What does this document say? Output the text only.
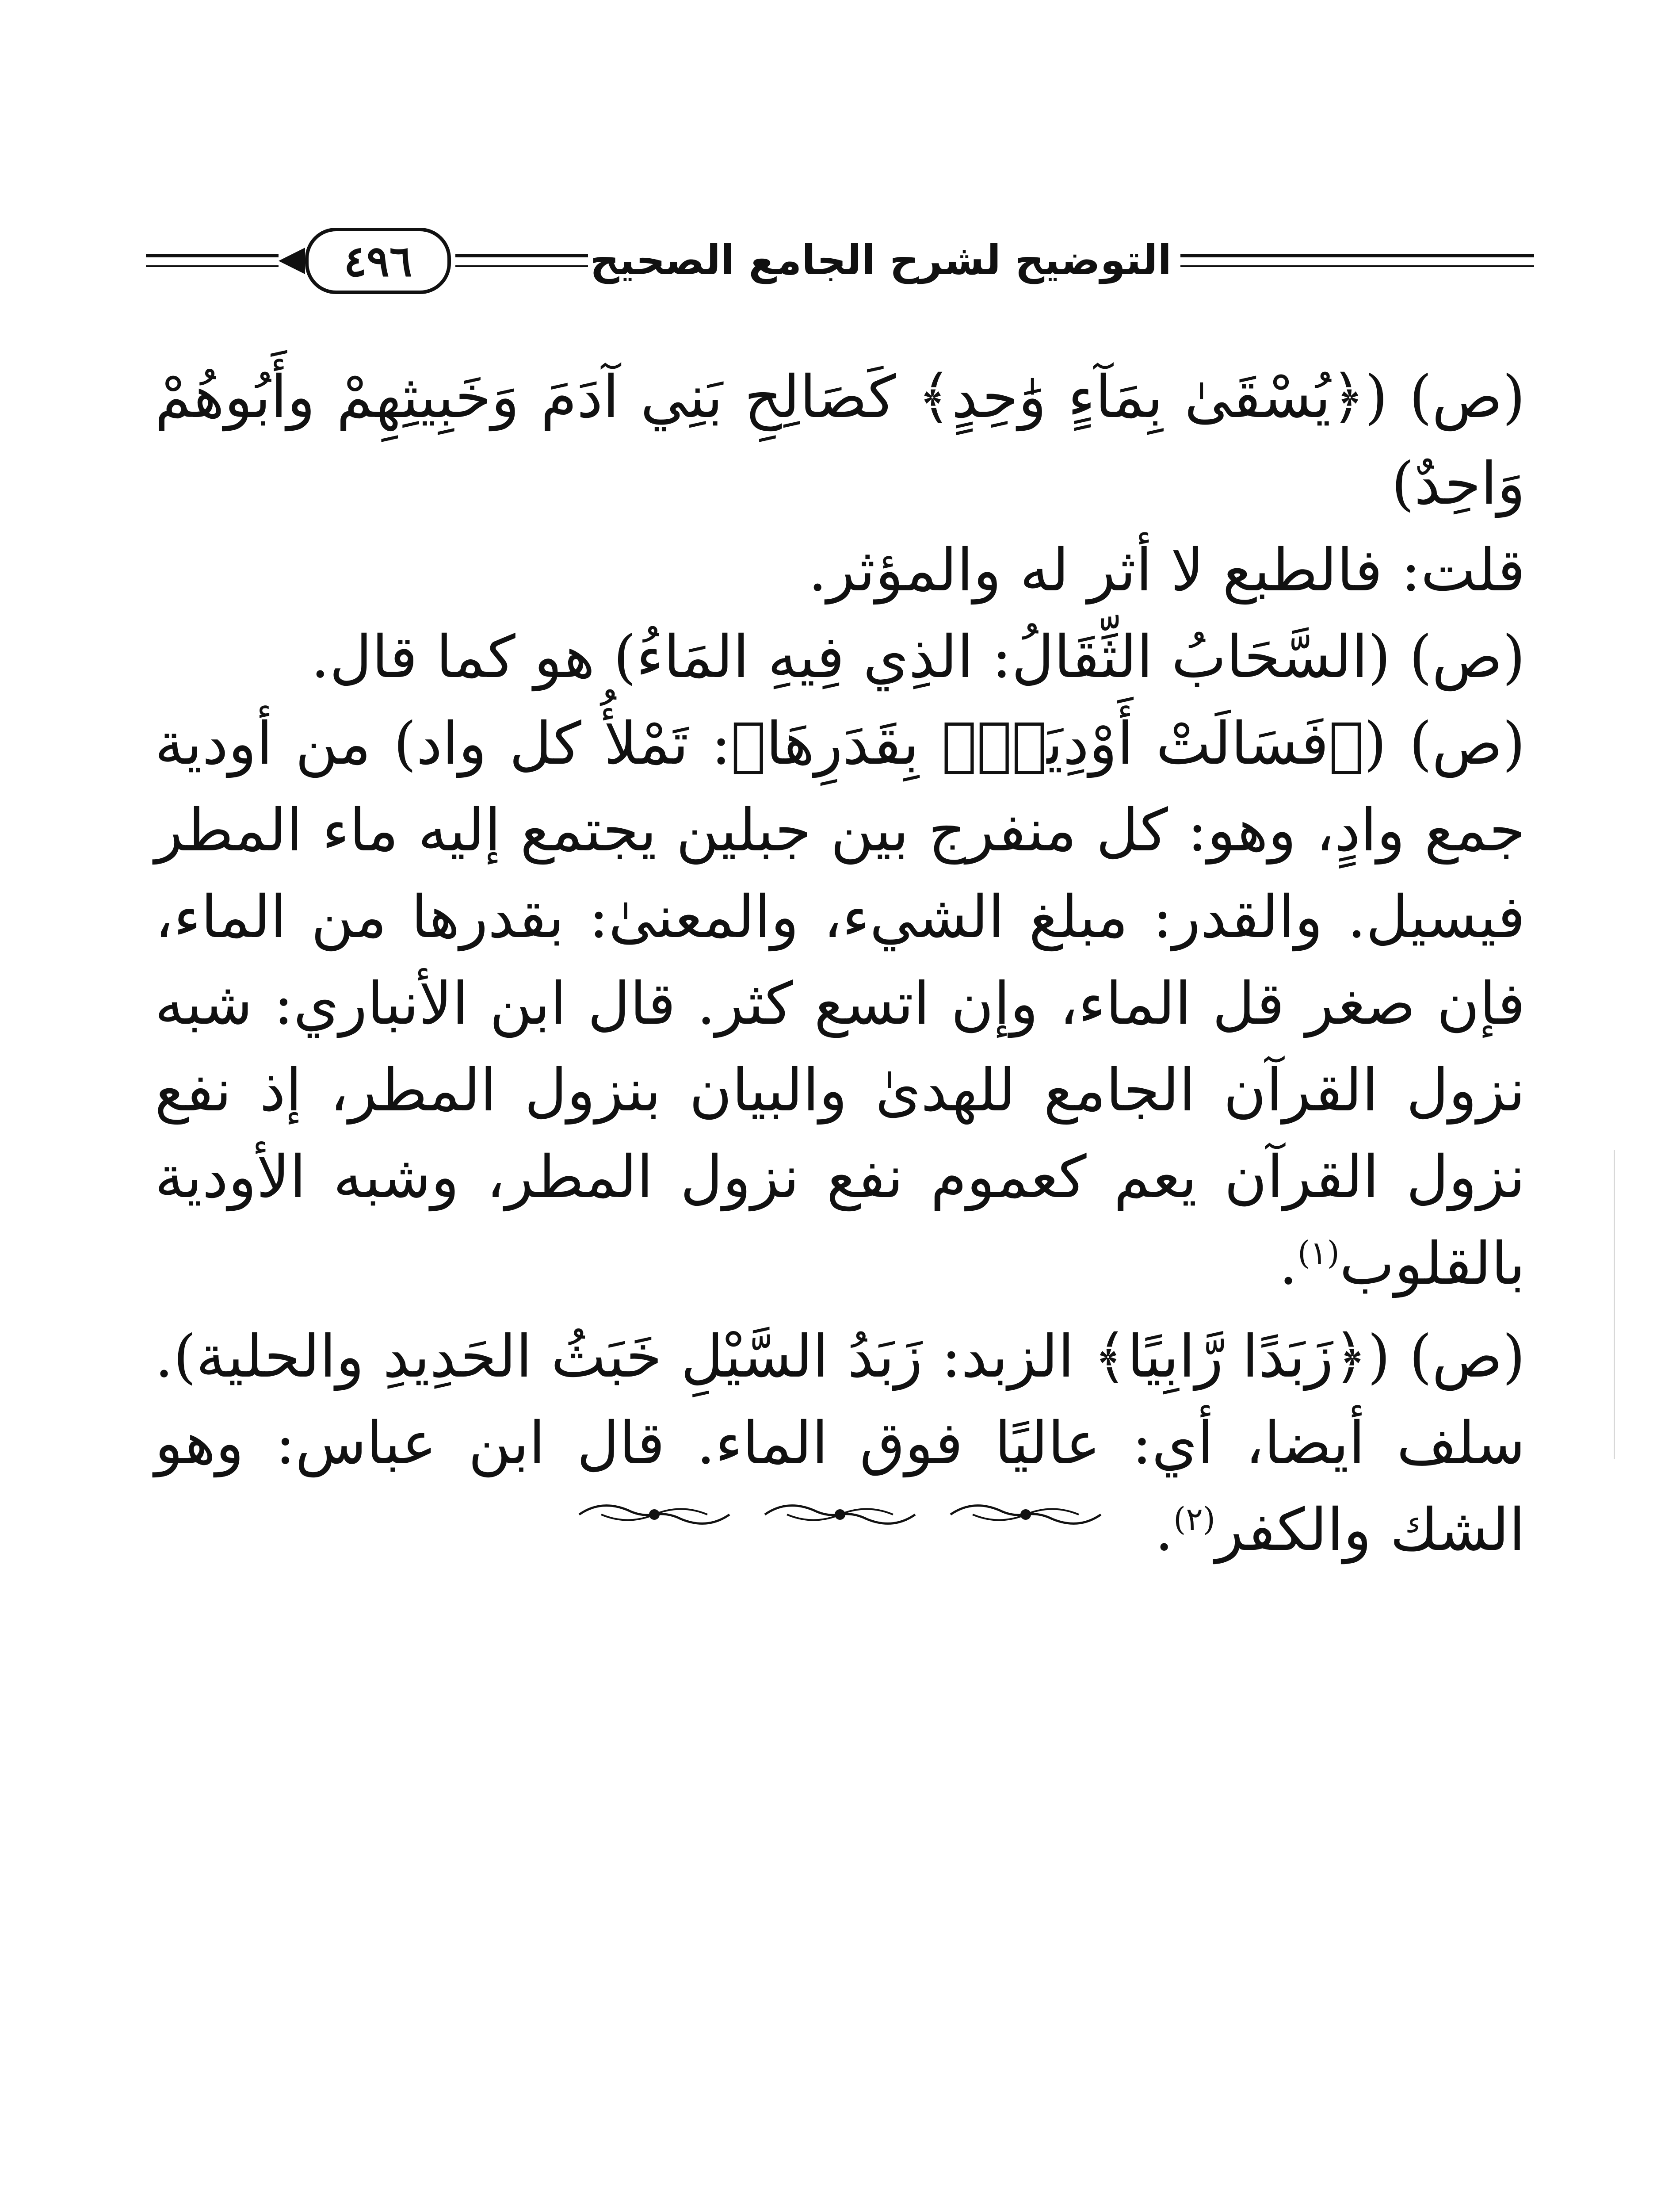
٤٩٦	التوضيح لشرح الجامع الصحيح

(ص) (﴿يُسْقَىٰ بِمَآءٍ وَٰحِدٍ﴾ كَصَالِحِ بَنِي آدَمَ وَخَبِيثِهِمْ وأَبُوهُمْ وَاحِدٌ)

قلت: فالطبع لا أثر له والمؤثر.

(ص) (السَّحَابُ الثِّقَالُ: الذِي فِيهِ المَاءُ) هو كما قال.

(ص) (﴿فَسَالَتْ أَوْدِيَةٌۢ بِقَدَرِهَا﴾: تَمْلأُ كل واد) من أودية جمع وادٍ، وهو: كل منفرج بين جبلين يجتمع إليه ماء المطر فيسيل. والقدر: مبلغ الشيء، والمعنىٰ: بقدرها من الماء، فإن صغر قل الماء، وإن اتسع كثر. قال ابن الأنباري: شبه نزول القرآن الجامع للهدىٰ والبيان بنزول المطر، إذ نفع نزول القرآن يعم كعموم نفع نزول المطر، وشبه الأودية بالقلوب$^{(١)}$.

(ص) (﴿زَبَدًا رَّابِيًا﴾ الزبد: زَبَدُ السَّيْلِ خَبَثُ الحَدِيدِ والحلية). سلف أيضا، أي: عاليًا فوق الماء. قال ابن عباس: وهو الشك والكفر$^{(٢)}$.
